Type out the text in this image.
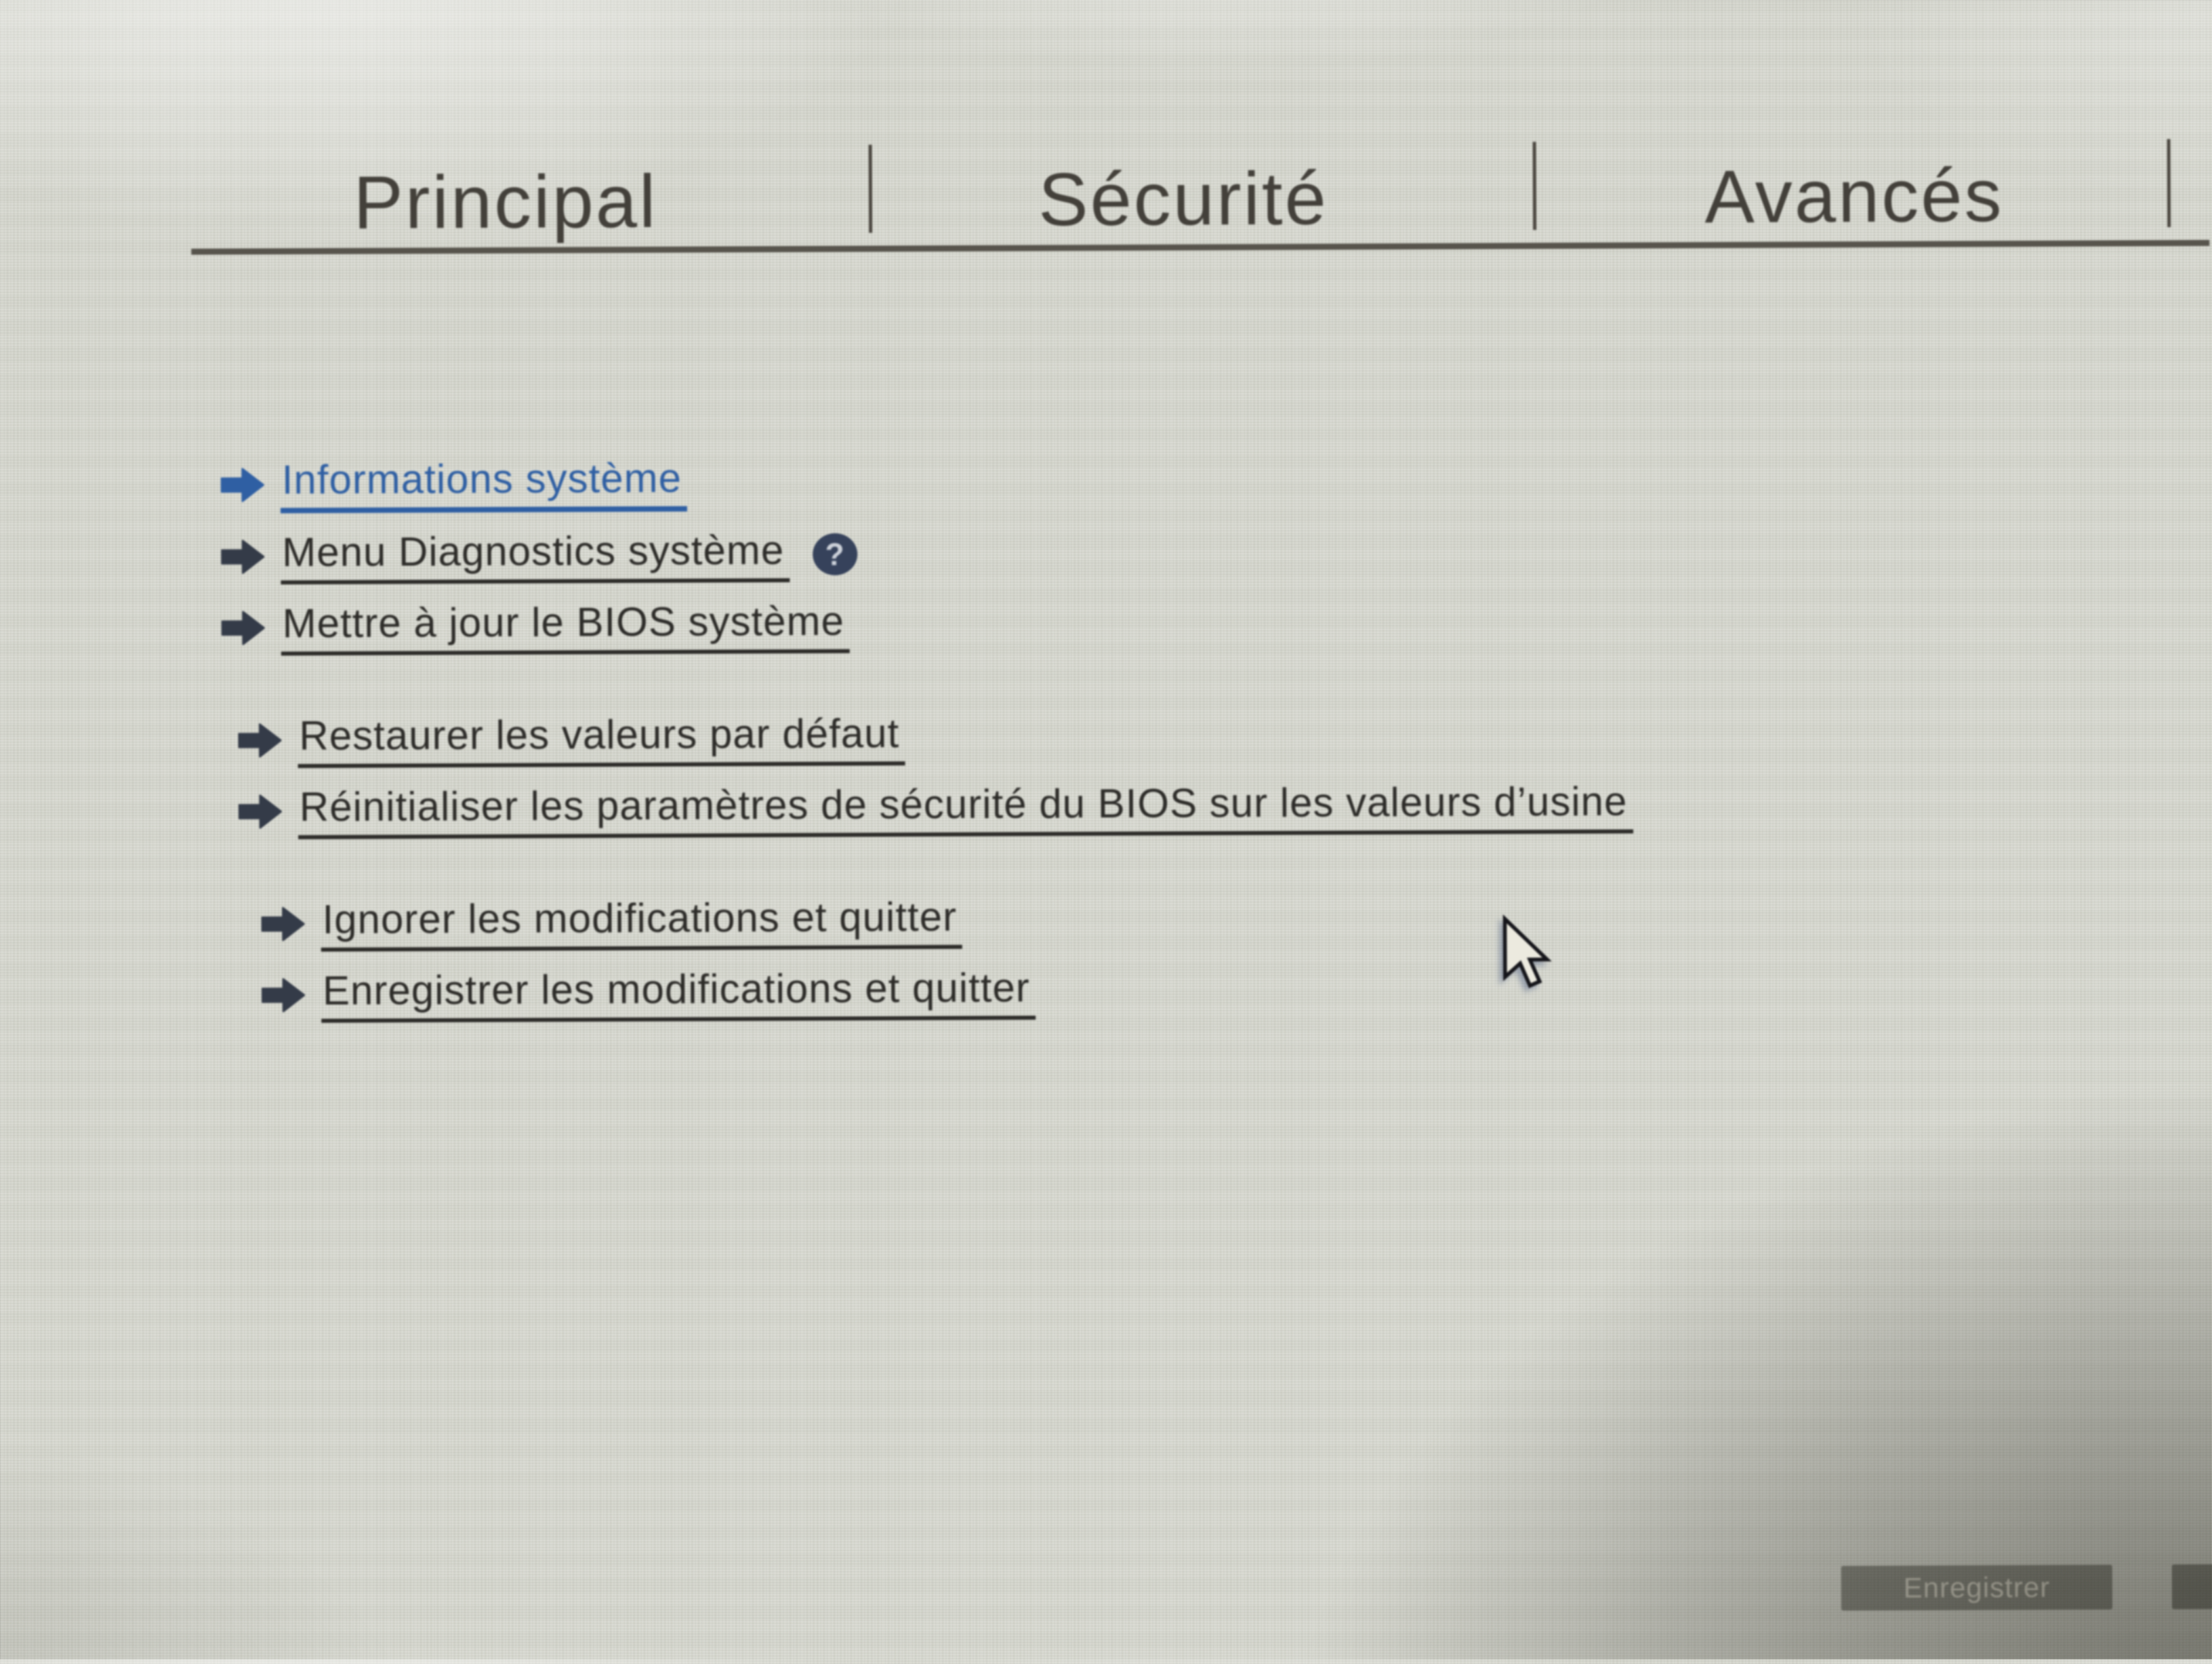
Principal	Sécurité	Avancés
Informations système
Menu Diagnostics système	?
Mettre à jour le BIOS système
Restaurer les valeurs par défaut
Réinitialiser les paramètres de sécurité du BIOS sur les valeurs d’usine
Ignorer les modifications et quitter
Enregistrer les modifications et quitter
Enregistrer
